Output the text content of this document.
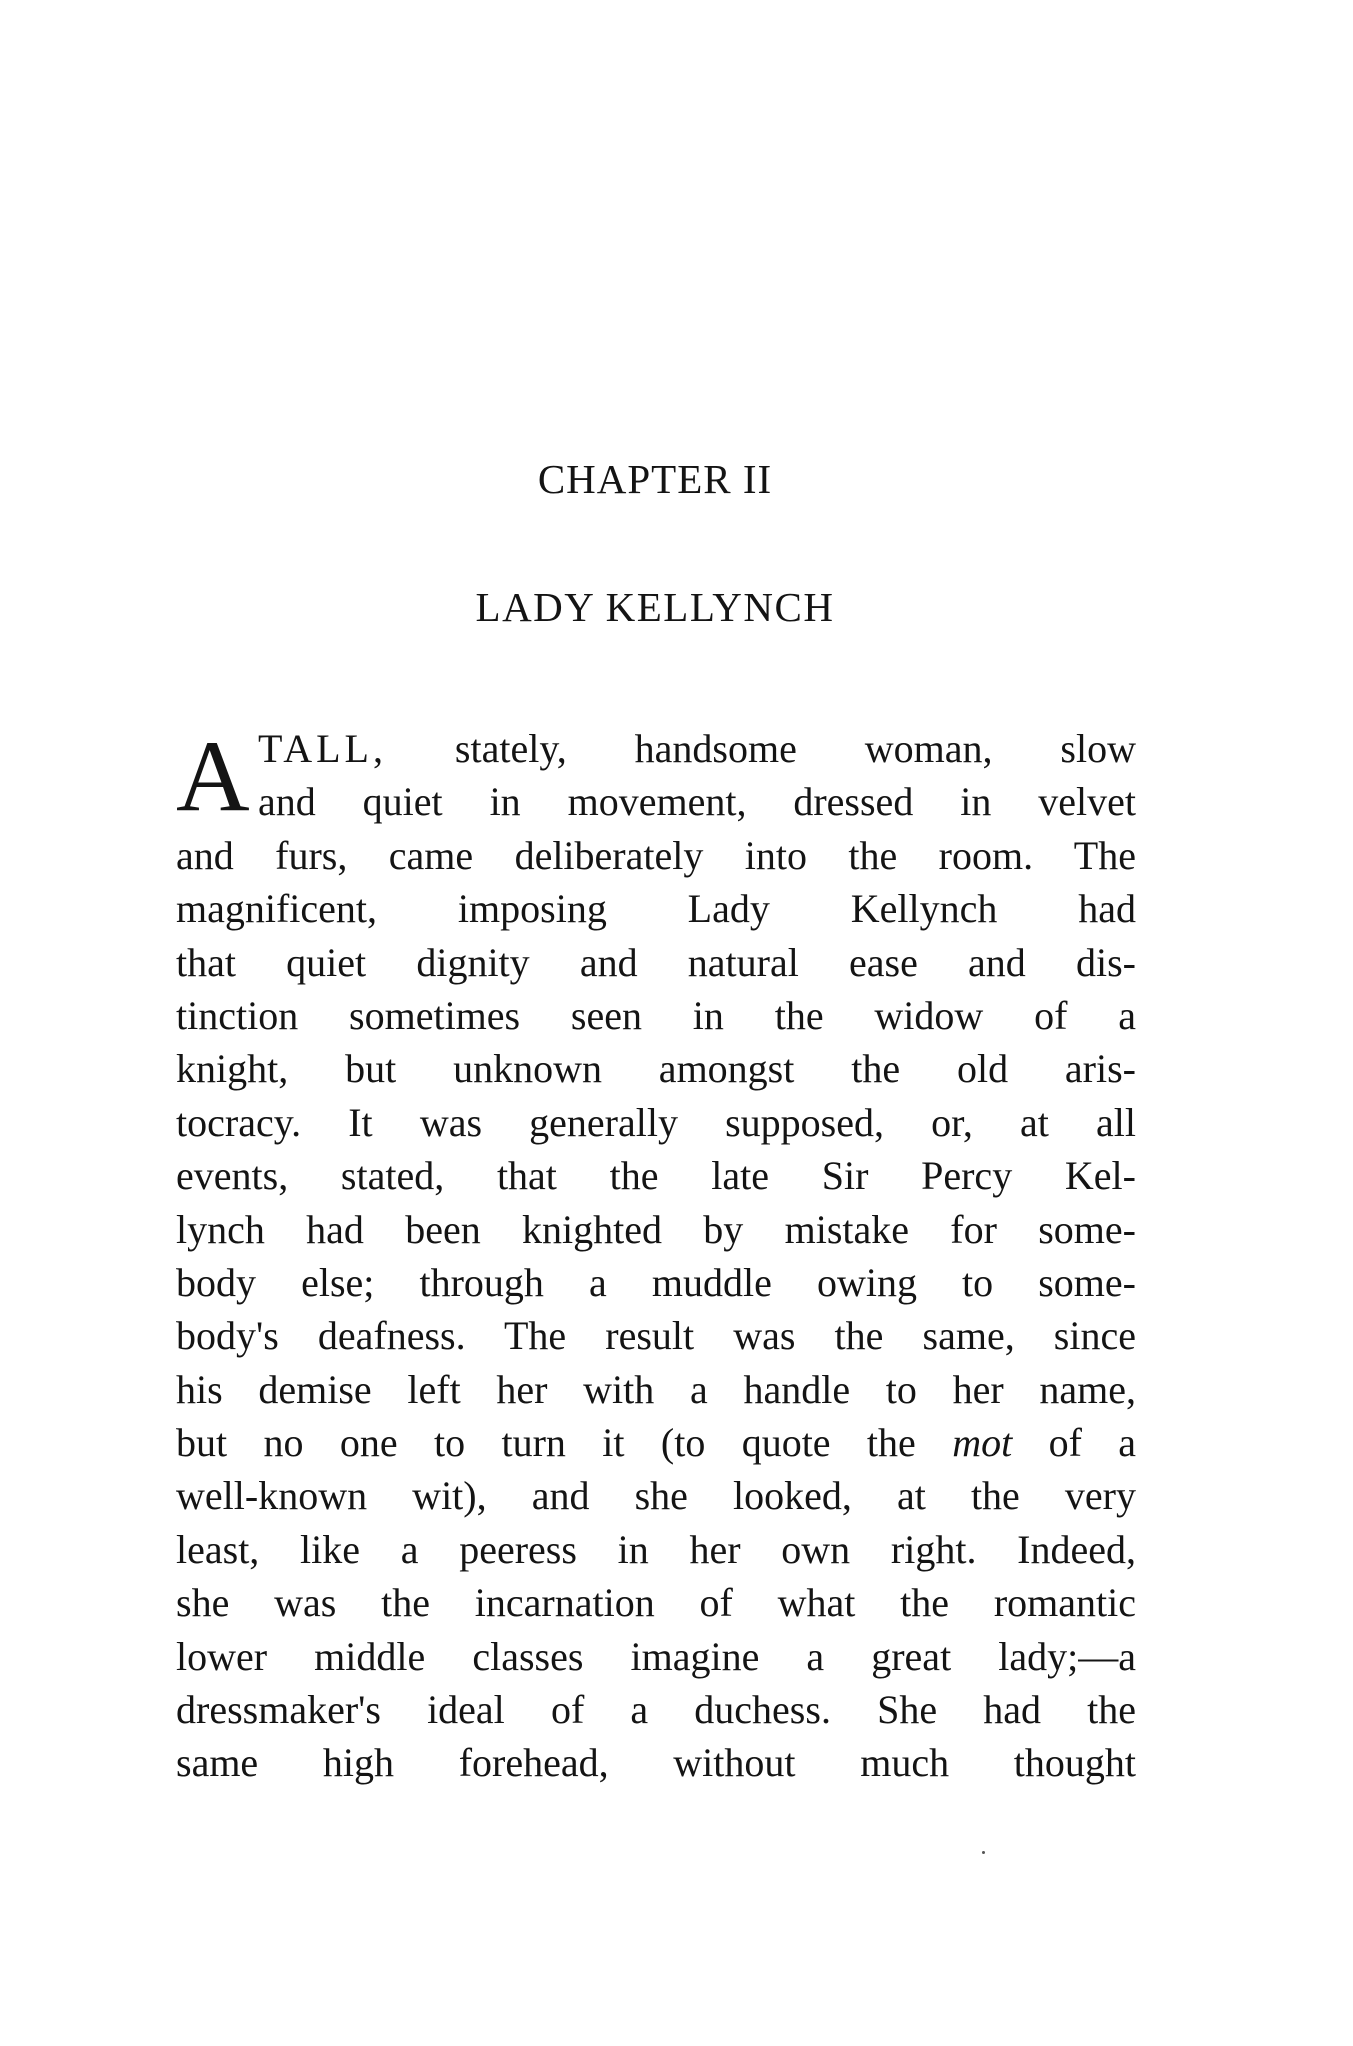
CHAPTER II
LADY KELLYNCH
A TALL, stately, handsome woman, slow
and quiet in movement, dressed in velvet
and furs, came deliberately into the room. The
magnificent, imposing Lady Kellynch had
that quiet dignity and natural ease and dis-
tinction sometimes seen in the widow of a
knight, but unknown amongst the old aris-
tocracy. It was generally supposed, or, at all
events, stated, that the late Sir Percy Kel-
lynch had been knighted by mistake for some-
body else; through a muddle owing to some-
body's deafness. The result was the same, since
his demise left her with a handle to her name,
but no one to turn it (to quote the mot of a
well-known wit), and she looked, at the very
least, like a peeress in her own right. Indeed,
she was the incarnation of what the romantic
lower middle classes imagine a great lady;—a
dressmaker's ideal of a duchess. She had the
same high forehead, without much thought
